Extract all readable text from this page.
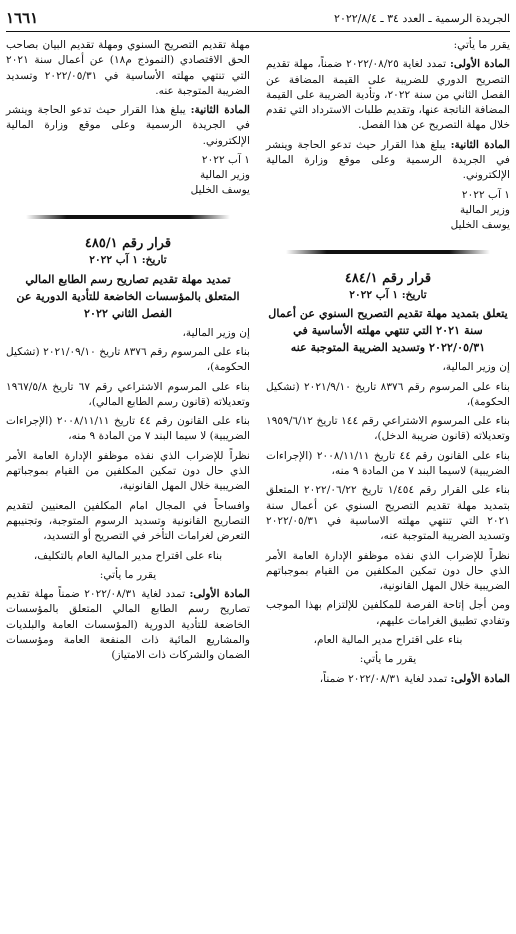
الجريدة الرسمية ـ العدد ٣٤ ـ ٢٠٢٢/٨/٤
١٦٦١

يقرر ما يأتي:

المادة الأولى: تمدد لغاية ٢٠٢٢/٠٨/٢٥ ضمناً، مهلة تقديم التصريح الدوري للضريبة على القيمة المضافة عن الفصل الثاني من سنة ٢٠٢٢، وتأدية الضريبة على القيمة المضافة الناتجة عنها، وتقديم طلبات الاسترداد التي تقدم خلال مهلة التصريح عن هذا الفصل.

المادة الثانية: يبلغ هذا القرار حيث تدعو الحاجة وينشر في الجريدة الرسمية وعلى موقع وزارة المالية الإلكتروني.

١ آب ٢٠٢٢
وزير المالية
يوسف الخليل
قرار رقم ٤٨٤/١
تاريخ: ١ آب ٢٠٢٢
يتعلق بتمديد مهلة تقديم التصريح السنوي عن أعمال سنة ٢٠٢١ التي تنتهي مهلته الأساسية في ٢٠٢٢/٠٥/٣١ وتسديد الضريبة المتوجبة عنه

إن وزير المالية،

بناء على المرسوم رقم ٨٣٧٦ تاريخ ٢٠٢١/٩/١٠ (تشكيل الحكومة)،

بناء على المرسوم الاشتراعي رقم ١٤٤ تاريخ ١٩٥٩/٦/١٢ وتعديلاته (قانون ضريبة الدخل)،

بناء على القانون رقم ٤٤ تاريخ ٢٠٠٨/١١/١١ (الإجراءات الضريبية) لاسيما البند ٧ من المادة ٩ منه،

بناء على القرار رقم ١/٤٥٤ تاريخ ٢٠٢٢/٠٦/٢٢ المتعلق بتمديد مهلة تقديم التصريح السنوي عن أعمال سنة ٢٠٢١ التي تنتهي مهلته الاساسية في ٢٠٢٢/٠٥/٣١ وتسديد الضريبة المتوجبة عنه،

نظراً للإضراب الذي نفذه موظفو الإدارة العامة الأمر الذي حال دون تمكين المكلفين من القيام بموجباتهم الضريبية خلال المهل القانونية،

ومن أجل إتاحة الفرصة للمكلفين للإلتزام بهذا الموجب وتفادي تطبيق الغرامات عليهم،

بناء على اقتراح مدير المالية العام،

يقرر ما يأتي:

المادة الأولى: تمدد لغاية ٢٠٢٢/٠٨/٣١ ضمناً،

مهلة تقديم التصريح السنوي ومهلة تقديم البيان بصاحب الحق الاقتصادي (النموذج م١٨) عن أعمال سنة ٢٠٢١ التي تنتهي مهلته الأساسية في ٢٠٢٢/٠٥/٣١ وتسديد الضريبة المتوجبة عنه.

المادة الثانية: يبلغ هذا القرار حيث تدعو الحاجة وينشر في الجريدة الرسمية وعلى موقع وزارة المالية الإلكتروني.

١ آب ٢٠٢٢
وزير المالية
يوسف الخليل
قرار رقم ٤٨٥/١
تاريخ: ١ آب ٢٠٢٢
تمديد مهلة تقديم تصاريح رسم الطابع المالي المتعلق بالمؤسسات الخاضعة للتأدية الدورية عن الفصل الثاني ٢٠٢٢

إن وزير المالية،

بناء على المرسوم رقم ٨٣٧٦ تاريخ ٢٠٢١/٠٩/١٠ (تشكيل الحكومة)،

بناء على المرسوم الاشتراعي رقم ٦٧ تاريخ ١٩٦٧/٥/٨ وتعديلاته (قانون رسم الطابع المالي)،

بناء على القانون رقم ٤٤ تاريخ ٢٠٠٨/١١/١١ (الإجراءات الضريبية) لا سيما البند ٧ من المادة ٩ منه،

نظراً للإضراب الذي نفذه موظفو الإدارة العامة الأمر الذي حال دون تمكين المكلفين من القيام بموجباتهم الضريبية خلال المهل القانونية،

وافساحاً في المجال امام المكلفين المعنيين لتقديم التصاريح القانونية وتسديد الرسوم المتوجبة، وتجنيبهم التعرض لغرامات التأخر في التصريح أو التسديد،

بناء على اقتراح مدير المالية العام بالتكليف،

يقرر ما يأتي:

المادة الأولى: تمدد لغاية ٢٠٢٢/٠٨/٣١ ضمناً مهلة تقديم تصاريح رسم الطابع المالي المتعلق بالمؤسسات الخاضعة للتأدية الدورية (المؤسسات العامة والبلديات والمشاريع المائية ذات المنفعة العامة ومؤسسات الضمان والشركات ذات الامتياز)
